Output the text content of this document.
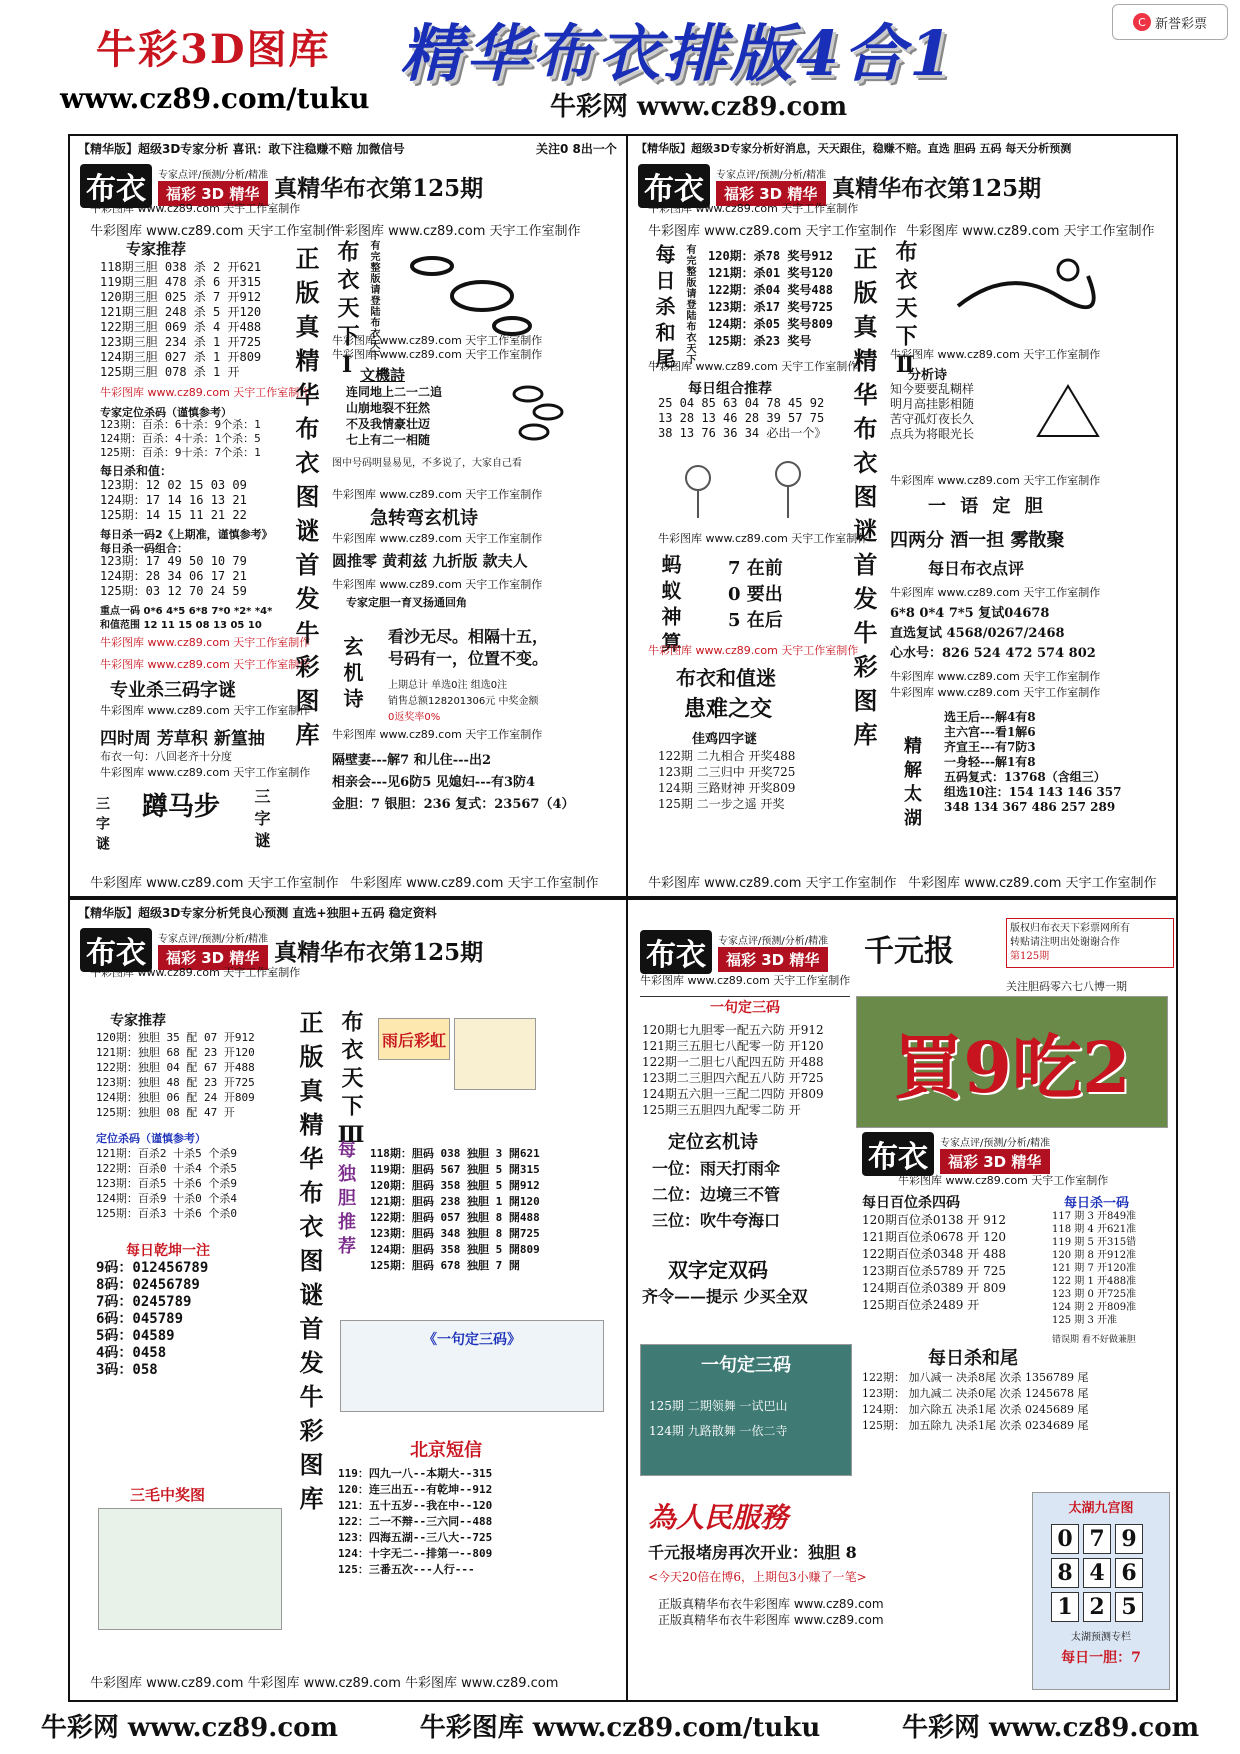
牛彩3D图库
www.cz89.com/tuku
精华布衣排版4合1
牛彩网 www.cz89.com
C 新誉彩票
【精华版】超级3D专家分析 喜讯：敢下注稳赚不赔 加微信号	关注0 8出一个
布衣	专家点评/预测/分析/精准
福彩 3D 精华 真精华布衣第125期
牛彩图库 www.cz89.com 天宇工作室制作
牛彩图库 www.cz89.com 天宇工作室制作
牛彩图库 www.cz89.com 天宇工作室制作
专家推荐
118期三胆 038 杀 2 开621
119期三胆 478 杀 6 开315
120期三胆 025 杀 7 开912
121期三胆 248 杀 5 开120
122期三胆 069 杀 4 开488
123期三胆 234 杀 1 开725
124期三胆 027 杀 1 开809
125期三胆 078 杀 1 开
牛彩图库 www.cz89.com 天宇工作室制作
专家定位杀码（谨慎参考）
123期：百杀：6十杀：9个杀：1
124期：百杀：4十杀：1个杀：5
125期：百杀：9十杀：7个杀：1
每日杀和值：
123期：12 02 15 03 09
124期：17 14 16 13 21
125期：14 15 11 21 22
每日杀一码2《上期准，谨慎参考》
每日杀一码组合：
123期：17 49 50 10 79
124期：28 34 06 17 21
125期：03 12 70 24 59
重点一码 0*6 4*5 6*8 7*0 *2* *4*
和值范围 12 11 15 08 13 05 10
牛彩图库 www.cz89.com 天宇工作室制作
牛彩图库 www.cz89.com 天宇工作室制作
专业杀三码字谜
牛彩图库 www.cz89.com 天宇工作室制作
四时周 芳草积 新篁抽
布衣一句：八回老齐十分度
牛彩图库 www.cz89.com 天宇工作室制作
蹲马步
三字谜	三字谜
正版真精华布衣图谜首发牛彩图库 布衣天下Ⅰ 有完整版请登陆布衣天下
牛彩图库 www.cz89.com 天宇工作室制作
牛彩图库 www.cz89.com 天宇工作室制作
文機詩
连同地上二一二追
山崩地裂不狂然
不及我情豪壮迈
七上有二一相随
图中号码明显易见，不多说了，大家自己看
牛彩图库 www.cz89.com 天宇工作室制作
急转弯玄机诗
牛彩图库 www.cz89.com 天宇工作室制作
圆推零 黄莉兹 九折版 款夫人
牛彩图库 www.cz89.com 天宇工作室制作
专家定胆一育叉扬通回角
玄机诗 看沙无尽。相隔十五，
号码有一，位置不变。
上期总计 单选0注 组选0注
销售总额128201306元 中奖金额
0返奖率0%
牛彩图库 www.cz89.com 天宇工作室制作
隔壁妻---解7 和儿住---出2
相亲会---见6防5 见媳妇---有3防4
金胆：7 银胆：236 复式：23567（4）
牛彩图库 www.cz89.com 天宇工作室制作 牛彩图库 www.cz89.com 天宇工作室制作
【精华版】超级3D专家分析好消息，天天跟住，稳赚不赔。直选 胆码 五码 每天分析预测
布衣	专家点评/预测/分析/精准
福彩 3D 精华 真精华布衣第125期
牛彩图库 www.cz89.com 天宇工作室制作
牛彩图库 www.cz89.com 天宇工作室制作 牛彩图库 www.cz89.com 天宇工作室制作
每日杀和尾 有完整版请登陆布衣天下 120期：杀78 奖号912
121期：杀01 奖号120
122期：杀04 奖号488
123期：杀17 奖号725
124期：杀05 奖号809
125期：杀23 奖号
牛彩图库 www.cz89.com 天宇工作室制作
每日组合推荐
25 04 85 63 04 78 45 92
13 28 13 46 28 39 57 75
38 13 76 36 34 必出一个》
牛彩图库 www.cz89.com 天宇工作室制作
蚂蚁神算	7 在前
0 要出
5 在后
牛彩图库 www.cz89.com 天宇工作室制作
布衣和值迷
患难之交
佳鸡四字谜
122期 二九相合 开奖488
123期 二三归中 开奖725
124期 三路财神 开奖809
125期 二一步之遥 开奖
正版真精华布衣图谜首发牛彩图库 布衣天下Ⅱ
牛彩图库 www.cz89.com 天宇工作室制作
分析诗
知今要要乱糊样
明月高挂影相随
苦守孤灯夜长久
点兵为将眼光长
牛彩图库 www.cz89.com 天宇工作室制作
一 语 定 胆
四两分 酒一担 雾散聚
每日布衣点评
牛彩图库 www.cz89.com 天宇工作室制作
6*8 0*4 7*5 复试04678
直选复试 4568/0267/2468
心水号：826 524 472 574 802
牛彩图库 www.cz89.com 天宇工作室制作
牛彩图库 www.cz89.com 天宇工作室制作
精解太湖
选王后---解4有8
主六宫---看1解6
齐宣王---有7防3
一身轻---解1有8
五码复式：13768（含组三）
组选10注：154 143 146 357
348 134 367 486 257 289
牛彩图库 www.cz89.com 天宇工作室制作 牛彩图库 www.cz89.com 天宇工作室制作
【精华版】超级3D专家分析凭良心预测 直选+独胆+五码 稳定资料
布衣	专家点评/预测/分析/精准
福彩 3D 精华 真精华布衣第125期
牛彩图库 www.cz89.com 天宇工作室制作
专家推荐
120期：独胆 35 配 07 开912
121期：独胆 68 配 23 开120
122期：独胆 04 配 67 开488
123期：独胆 48 配 23 开725
124期：独胆 06 配 24 开809
125期：独胆 08 配 47 开
定位杀码（谨慎参考）
121期：百杀2 十杀5 个杀9
122期：百杀0 十杀4 个杀5
123期：百杀5 十杀6 个杀9
124期：百杀9 十杀0 个杀4
125期：百杀3 十杀6 个杀0
每日乾坤一注
9码：012456789
8码：02456789
7码：0245789
6码：045789
5码：04589
4码：0458
3码：058
三毛中奖图	正版真精华布衣图谜首发牛彩图库 布衣天下Ⅲ 雨后彩虹
每独胆推荐 118期：胆码 038 独胆 3 開621
119期：胆码 567 独胆 5 開315
120期：胆码 358 独胆 5 開912
121期：胆码 238 独胆 1 開120
122期：胆码 057 独胆 8 開488
123期：胆码 348 独胆 8 開725
124期：胆码 358 独胆 5 開809
125期：胆码 678 独胆 7 開
《一句定三码》
北京短信
119：四九一八--本期大--315
120：连三出五--有乾坤--912
121：五十五岁--我在中--120
122：二一不辩--三六同--488
123：四海五湖--三八大--725
124：十字无二--排第一--809
125：三番五次---人行---
牛彩图库 www.cz89.com 牛彩图库 www.cz89.com 牛彩图库 www.cz89.com
布衣	专家点评/预测/分析/精准
福彩 3D 精华 千元报
版权归布衣天下彩票网所有
转贴请注明出处谢谢合作
第125期
关注胆码零六七八博一期
牛彩图库 www.cz89.com 天宇工作室制作
一句定三码
120期七九胆零一配五六防 开912
121期三五胆七八配零一防 开120
122期一二胆七八配四五防 开488
123期二三胆四六配五八防 开725
124期五六胆一三配二四防 开809
125期三五胆四九配零二防 开
買9吃2
布衣	专家点评/预测/分析/精准
福彩 3D 精华
牛彩图库 www.cz89.com 天宇工作室制作
定位玄机诗
一位：雨天打雨伞
二位：边境三不管
三位：吹牛夸海口
双字定双码
齐令——提示 少买全双
每日百位杀四码
120期百位杀0138 开 912
121期百位杀0678 开 120
122期百位杀0348 开 488
123期百位杀5789 开 725
124期百位杀0389 开 809
125期百位杀2489 开
每日杀一码
117 期 3 开849准
118 期 4 开621准
119 期 5 开315错
120 期 8 开912准
121 期 7 开120准
122 期 1 开488准
123 期 0 开725准
124 期 2 开809准
125 期 3 开准
错误期 看不好做兼胆
一句定三码
125期 二期领舞 一试巴山
124期 九路散舞 一依二寺
每日杀和尾
122期： 加八减一 决杀8尾 次杀 1356789 尾
123期： 加九减二 决杀0尾 次杀 1245678 尾
124期： 加六除五 决杀1尾 次杀 0245689 尾
125期： 加五除九 决杀1尾 次杀 0234689 尾
為人民服務
千元报堵房再次开业：独胆 8
<今天20倍在博6，上期包3小赚了一笔>
正版真精华布衣牛彩图库 www.cz89.com
正版真精华布衣牛彩图库 www.cz89.com
太湖九宫图
0 7 9
8 4 6
1 2 5
太湖预测专栏
每日一胆：7
牛彩网 www.cz89.com	牛彩图库 www.cz89.com/tuku	牛彩网 www.cz89.com
